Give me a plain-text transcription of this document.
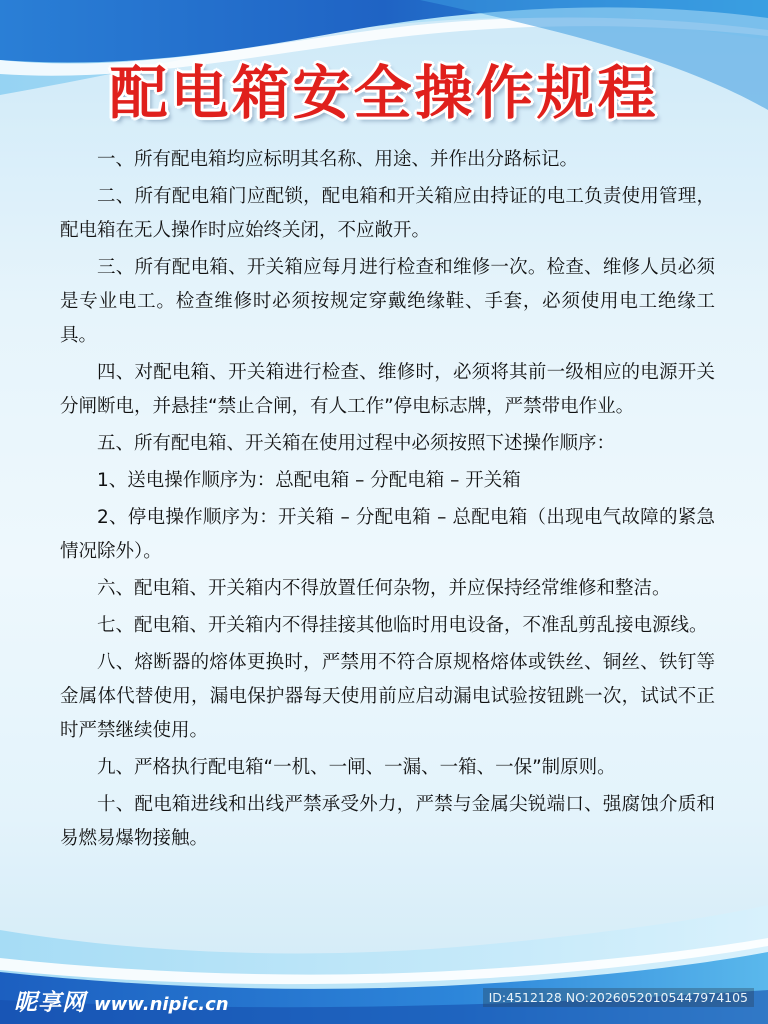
配电箱安全操作规程

一、所有配电箱均应标明其名称、用途、并作出分路标记。

二、所有配电箱门应配锁，配电箱和开关箱应由持证的电工负责使用管理，配电箱在无人操作时应始终关闭，不应敞开。

三、所有配电箱、开关箱应每月进行检查和维修一次。检查、维修人员必须是专业电工。检查维修时必须按规定穿戴绝缘鞋、手套，必须使用电工绝缘工具。

四、对配电箱、开关箱进行检查、维修时，必须将其前一级相应的电源开关分闸断电，并悬挂“禁止合闸，有人工作”停电标志牌，严禁带电作业。

五、所有配电箱、开关箱在使用过程中必须按照下述操作顺序：

1、送电操作顺序为：总配电箱 – 分配电箱 – 开关箱

2、停电操作顺序为：开关箱 – 分配电箱 – 总配电箱（出现电气故障的紧急情况除外）。

六、配电箱、开关箱内不得放置任何杂物，并应保持经常维修和整洁。

七、配电箱、开关箱内不得挂接其他临时用电设备，不准乱剪乱接电源线。

八、熔断器的熔体更换时，严禁用不符合原规格熔体或铁丝、铜丝、铁钉等金属体代替使用，漏电保护器每天使用前应启动漏电试验按钮跳一次，试试不正时严禁继续使用。

九、严格执行配电箱“一机、一闸、一漏、一箱、一保”制原则。

十、配电箱进线和出线严禁承受外力，严禁与金属尖锐端口、强腐蚀介质和易燃易爆物接触。

昵享网 www.nipic.cn	ID:4512128 NO:20260520105447974105
